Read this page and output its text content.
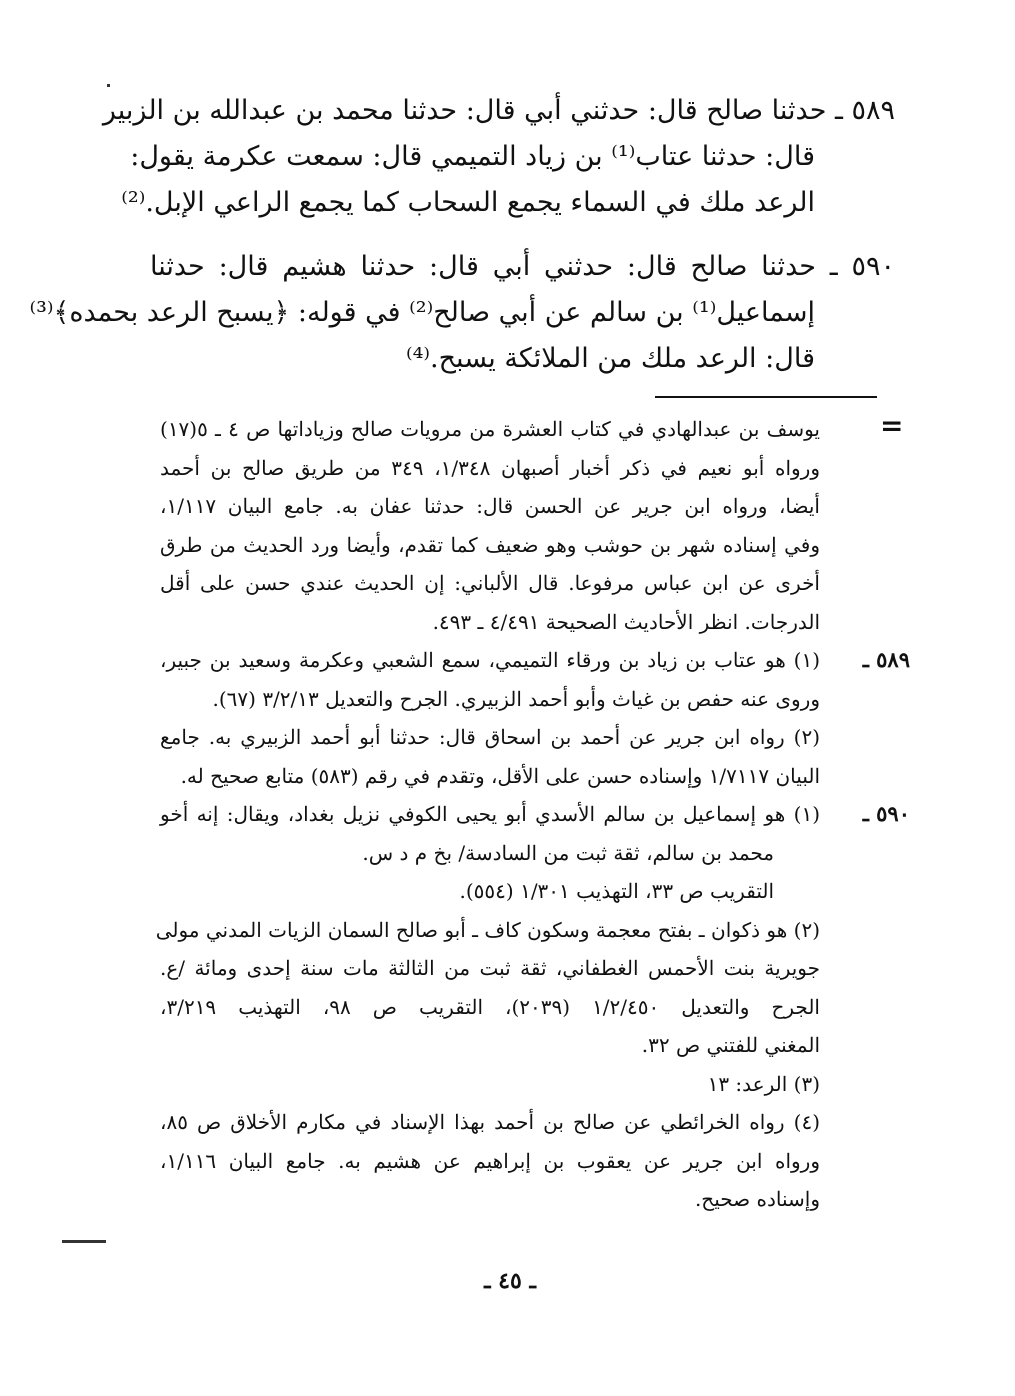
٥٨٩ ـ حدثنا صالح قال: حدثني أبي قال: حدثنا محمد بن عبدالله بن الزبير
قال: حدثنا عتاب⁽¹⁾ بن زياد التميمي قال: سمعت عكرمة يقول:
الرعد ملك في السماء يجمع السحاب كما يجمع الراعي الإبل.⁽²⁾
٥٩٠ ـ حدثنا صالح قال: حدثني أبي قال: حدثنا هشيم قال: حدثنا
إسماعيل⁽¹⁾ بن سالم عن أبي صالح⁽²⁾ في قوله: ﴿يسبح الرعد بحمده﴾⁽³⁾
قال: الرعد ملك من الملائكة يسبح.⁽⁴⁾
=
يوسف بن عبدالهادي في كتاب العشرة من مرويات صالح وزياداتها ص ٤ ـ ٥(١٧)
ورواه أبو نعيم في ذكر أخبار أصبهان ١/٣٤٨، ٣٤٩ من طريق صالح بن أحمد
أيضا، ورواه ابن جرير عن الحسن قال: حدثنا عفان به. جامع البيان ١/١١٧،
وفي إسناده شهر بن حوشب وهو ضعيف كما تقدم، وأيضا ورد الحديث من طرق
أخرى عن ابن عباس مرفوعا. قال الألباني: إن الحديث عندي حسن على أقل
الدرجات. انظر الأحاديث الصحيحة ٤/٤٩١ ـ ٤٩٣.
٥٨٩ ـ
(١) هو عتاب بن زياد بن ورقاء التميمي، سمع الشعبي وعكرمة وسعيد بن جبير،
وروى عنه حفص بن غياث وأبو أحمد الزبيري. الجرح والتعديل ٣/٢/١٣ (٦٧).
(٢) رواه ابن جرير عن أحمد بن اسحاق قال: حدثنا أبو أحمد الزبيري به. جامع
البيان ١/٧١١٧ وإسناده حسن على الأقل، وتقدم في رقم (٥٨٣) متابع صحيح له.
٥٩٠ ـ
(١) هو إسماعيل بن سالم الأسدي أبو يحيى الكوفي نزيل بغداد، ويقال: إنه أخو
محمد بن سالم، ثقة ثبت من السادسة/ بخ م د س.
التقريب ص ٣٣، التهذيب ١/٣٠١ (٥٥٤).
(٢) هو ذكوان ـ بفتح معجمة وسكون كاف ـ أبو صالح السمان الزيات المدني مولى
جويرية بنت الأحمس الغطفاني، ثقة ثبت من الثالثة مات سنة إحدى ومائة /ع.
الجرح والتعديل ١/٢/٤٥٠ (٢٠٣٩)، التقريب ص ٩٨، التهذيب ٣/٢١٩،
المغني للفتني ص ٣٢.
(٣) الرعد: ١٣
(٤) رواه الخرائطي عن صالح بن أحمد بهذا الإسناد في مكارم الأخلاق ص ٨٥،
ورواه ابن جرير عن يعقوب بن إبراهيم عن هشيم به. جامع البيان ١/١١٦،
وإسناده صحيح.
ـ ٤٥ ـ
